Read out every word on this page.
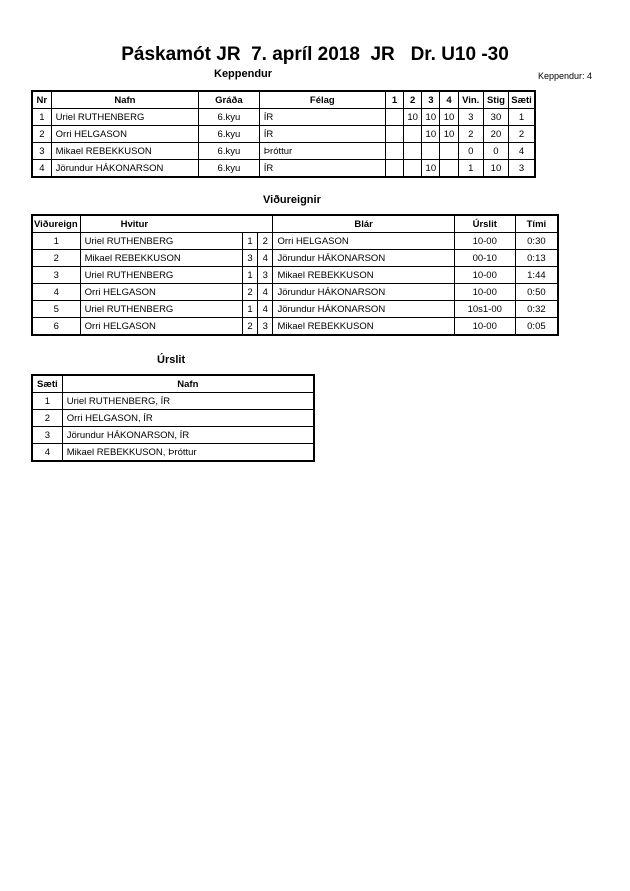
Páskamót JR  7. apríl 2018  JR   Dr. U10 -30
Keppendur	Keppendur: 4
Nr	Nafn	Gráða	Félag	1	2	3	4	Vin.	Stig	Sæti
1	Uriel RUTHENBERG	6.kyu	ÍR		10	10	10	3	30	1
2	Orri HELGASON	6.kyu	ÍR			10	10	2	20	2
3	Mikael REBEKKUSON	6.kyu	Þróttur					0	0	4
4	Jörundur HÁKONARSON	6.kyu	ÍR			10		1	10	3
Viðureignir
Viðureign	Hvitur			Blár	Úrslit	Tími
1	Uriel RUTHENBERG	1	2	Orri HELGASON	10-00	0:30
2	Mikael REBEKKUSON	3	4	Jörundur HÁKONARSON	00-10	0:13
3	Uriel RUTHENBERG	1	3	Mikael REBEKKUSON	10-00	1:44
4	Orri HELGASON	2	4	Jörundur HÁKONARSON	10-00	0:50
5	Uriel RUTHENBERG	1	4	Jörundur HÁKONARSON	10s1-00	0:32
6	Orri HELGASON	2	3	Mikael REBEKKUSON	10-00	0:05
Úrslit
Sæti	Nafn
1	Uriel RUTHENBERG, ÍR
2	Orri HELGASON, ÍR
3	Jörundur HÁKONARSON, ÍR
4	Mikael REBEKKUSON, Þróttur
